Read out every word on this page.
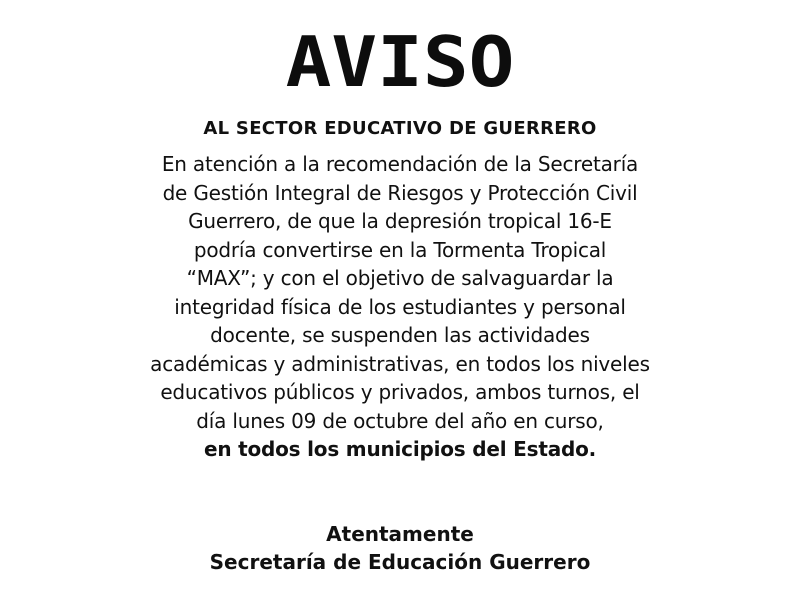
AVISO
AL SECTOR EDUCATIVO DE GUERRERO
En atención a la recomendación de la Secretaría
de Gestión Integral de Riesgos y Protección Civil
Guerrero, de que la depresión tropical 16-E
podría convertirse en la Tormenta Tropical
“MAX”; y con el objetivo de salvaguardar la
integridad física de los estudiantes y personal
docente, se suspenden las actividades
académicas y administrativas, en todos los niveles
educativos públicos y privados, ambos turnos, el
día lunes 09 de octubre del año en curso,
en todos los municipios del Estado.
Atentamente
Secretaría de Educación Guerrero
